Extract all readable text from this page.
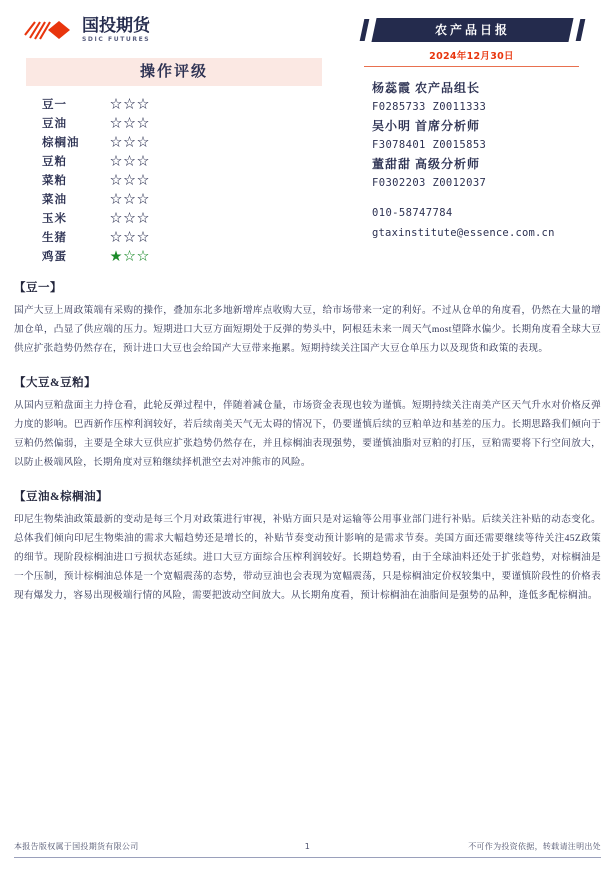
国投期货
SDIC FUTURES
操作评级
豆一	☆☆☆
豆油	☆☆☆
棕榈油	☆☆☆
豆粕	☆☆☆
菜粕	☆☆☆
菜油	☆☆☆
玉米	☆☆☆
生猪	☆☆☆
鸡蛋	★☆☆
农产品日报
2024年12月30日
杨蕊霞 农产品组长
F0285733 Z0011333
吴小明 首席分析师
F3078401 Z0015853
董甜甜 高级分析师
F0302203 Z0012037
010-58747784
gtaxinstitute@essence.com.cn
【豆一】
国产大豆上周政策端有采购的操作，叠加东北多地新增库点收购大豆，给市场带来一定的利好。不过从仓单的角度看，仍然在大量的增加仓单，凸显了供应端的压力。短期进口大豆方面短期处于反弹的势头中，阿根廷未来一周天气most望降水偏少。长期角度看全球大豆供应扩张趋势仍然存在，预计进口大豆也会给国产大豆带来拖累。短期持续关注国产大豆仓单压力以及现货和政策的表现。
【大豆&豆粕】
从国内豆粕盘面主力持仓看，此轮反弹过程中，伴随着减仓量，市场资金表现也较为谨慎。短期持续关注南美产区天气升水对价格反弹力度的影响。巴西新作压榨利润较好，若后续南美天气无太碍的情况下，仍要谨慎后续的豆粕单边和基差的压力。长期思路我们倾向于豆粕仍然偏弱，主要是全球大豆供应扩张趋势仍然存在，并且棕榈油表现强势，要谨慎油脂对豆粕的打压，豆粕需要将下行空间放大，以防止极端风险，长期角度对豆粕继续择机泄空去对冲熊市的风险。
【豆油&棕榈油】
印尼生物柴油政策最新的变动是每三个月对政策进行审视，补贴方面只是对运输等公用事业部门进行补贴。后续关注补贴的动态变化。总体我们倾向印尼生物柴油的需求大幅趋势还是增长的，补贴节奏变动预计影响的是需求节奏。美国方面还需要继续等待关注45Z政策的细节。现阶段棕榈油进口亏损状态延续。进口大豆方面综合压榨利润较好。长期趋势看，由于全球油料还处于扩张趋势，对棕榈油是一个压制，预计棕榈油总体是一个宽幅震荡的态势，带动豆油也会表现为宽幅震荡，只是棕榈油定价权较集中，要谨慎阶段性的价格表现有爆发力，容易出现极端行情的风险，需要把波动空间放大。从长期角度看，预计棕榈油在油脂间是强势的品种，逢低多配棕榈油。
本报告版权属于国投期货有限公司	1	不可作为投资依据，转载请注明出处
